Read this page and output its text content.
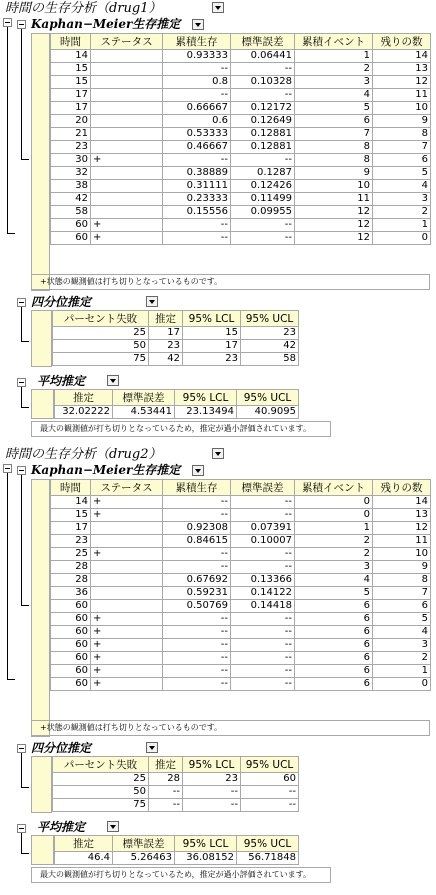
時間の生存分析（drug1）
Kaphan−Meier生存推定
時間	ステータス	累積生存	標準誤差	累積イベント	残りの数
14		0.93333	0.06441	1	14
15		--	--	2	13
15		0.8	0.10328	3	12
17		--	--	4	11
17		0.66667	0.12172	5	10
20		0.6	0.12649	6	9
21		0.53333	0.12881	7	8
23		0.46667	0.12881	8	7
30	+	--	--	8	6
32		0.38889	0.1287	9	5
38		0.31111	0.12426	10	4
42		0.23333	0.11499	11	3
58		0.15556	0.09955	12	2
60	+	--	--	12	1
60	+	--	--	12	0
+状態の観測値は打ち切りとなっているものです。
四分位推定
パーセント失敗	推定	95% LCL	95% UCL
25	17	15	23
50	23	17	42
75	42	23	58
平均推定
推定	標準誤差	95% LCL	95% UCL
32.02222	4.53441	23.13494	40.9095
最大の観測値が打ち切りとなっているため，推定が過小評価されています。
時間の生存分析（drug2）
Kaphan−Meier生存推定
時間	ステータス	累積生存	標準誤差	累積イベント	残りの数
14	+	--	--	0	14
15	+	--	--	0	13
17		0.92308	0.07391	1	12
23		0.84615	0.10007	2	11
25	+	--	--	2	10
28		--	--	3	9
28		0.67692	0.13366	4	8
36		0.59231	0.14122	5	7
60		0.50769	0.14418	6	6
60	+	--	--	6	5
60	+	--	--	6	4
60	+	--	--	6	3
60	+	--	--	6	2
60	+	--	--	6	1
60	+	--	--	6	0
+状態の観測値は打ち切りとなっているものです。
四分位推定
パーセント失敗	推定	95% LCL	95% UCL
25	28	23	60
50	--	--	--
75	--	--	--
平均推定
推定	標準誤差	95% LCL	95% UCL
46.4	5.26463	36.08152	56.71848
最大の観測値が打ち切りとなっているため，推定が過小評価されています。
